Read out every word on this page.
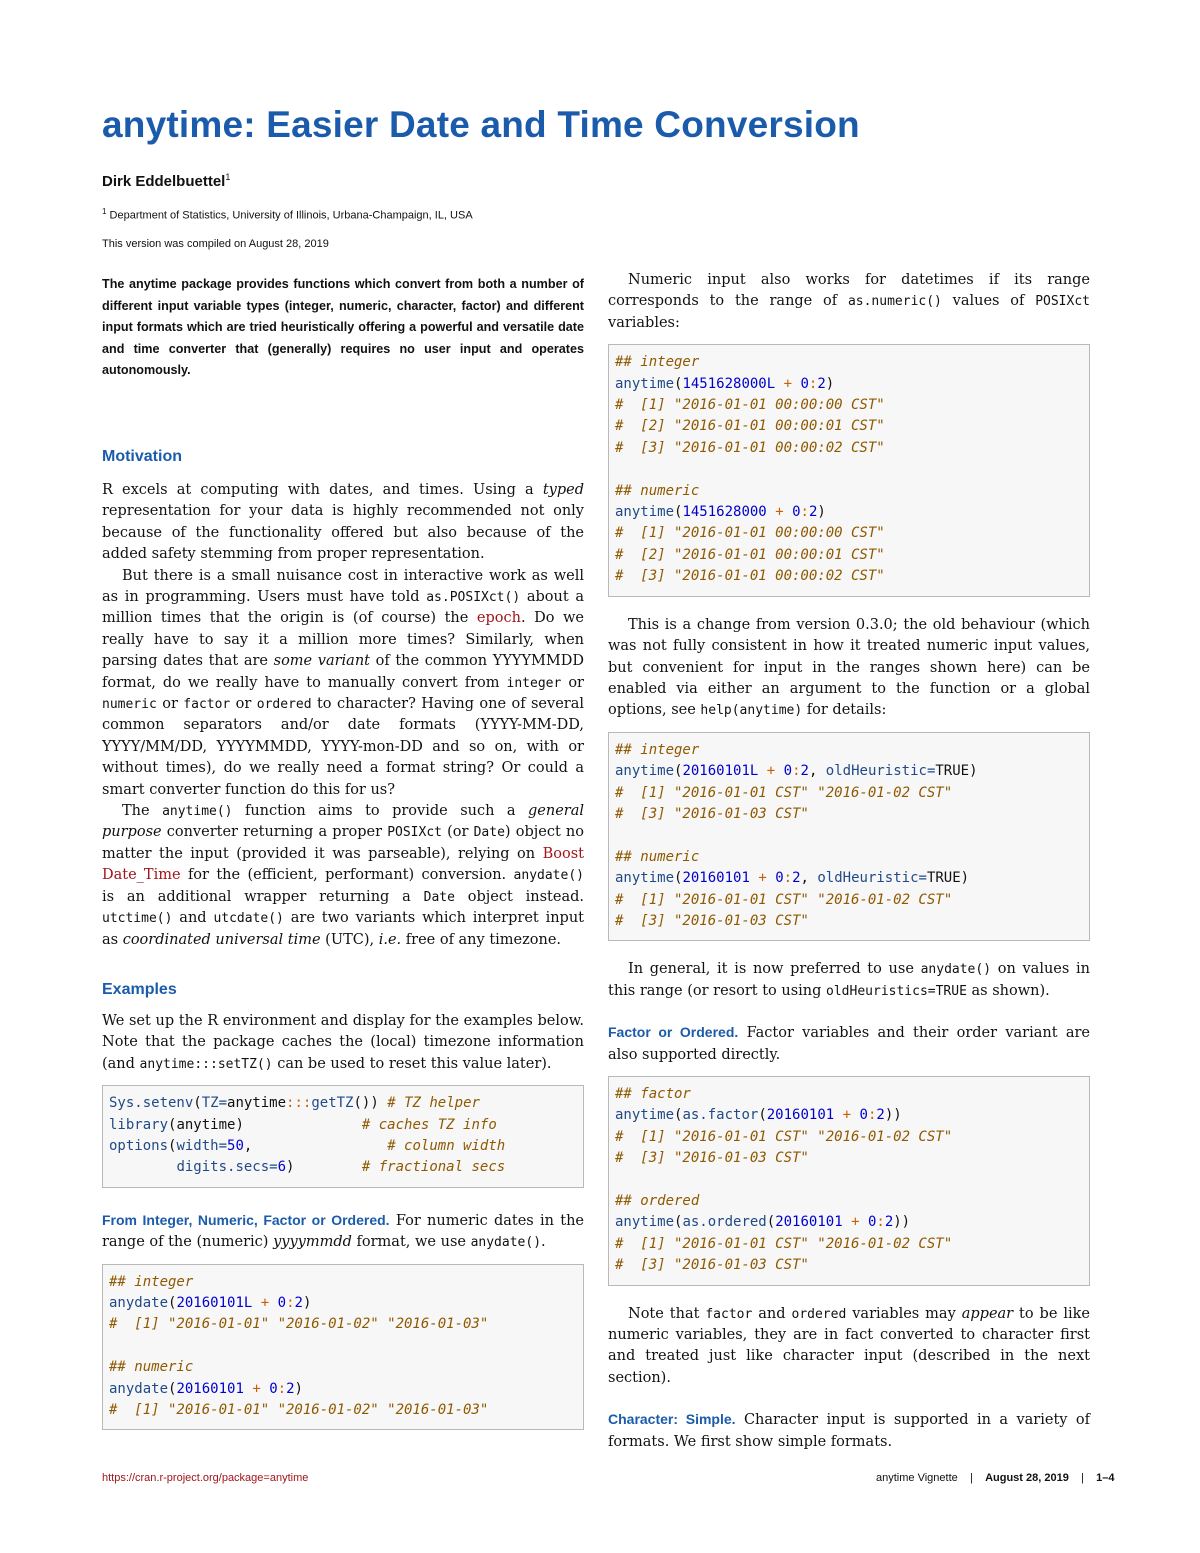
anytime: Easier Date and Time Conversion
Dirk Eddelbuettel$^1$
$^1$ Department of Statistics, University of Illinois, Urbana-Champaign, IL, USA
This version was compiled on August 28, 2019

The anytime package provides functions which convert from both a number of different input variable types (integer, numeric, character, factor) and different input formats which are tried heuristically offering a powerful and versatile date and time converter that (generally) requires no user input and operates autonomously.

Motivation

R excels at computing with dates, and times. Using a typed representation for your data is highly recommended not only because of the functionality offered but also because of the added safety stemming from proper representation.

But there is a small nuisance cost in interactive work as well as in programming. Users must have told as.POSIXct() about a million times that the origin is (of course) the epoch. Do we really have to say it a million more times? Similarly, when parsing dates that are some variant of the common YYYYMMDD format, do we really have to manually convert from integer or numeric or factor or ordered to character? Having one of several common separators and/or date formats (YYYY-MM-DD, YYYY/MM/DD, YYYYMMDD, YYYY-mon-DD and so on, with or without times), do we really need a format string? Or could a smart converter function do this for us?

The anytime() function aims to provide such a general purpose converter returning a proper POSIXct (or Date) object no matter the input (provided it was parseable), relying on Boost Date_Time for the (efficient, performant) conversion. anydate() is an additional wrapper returning a Date object instead. utctime() and utcdate() are two variants which interpret input as coordinated universal time (UTC), i.e. free of any timezone.

Examples

We set up the R environment and display for the examples below. Note that the package caches the (local) timezone information (and anytime:::setTZ() can be used to reset this value later).

Sys.setenv(TZ=anytime:::getTZ()) # TZ helper
library(anytime)              # caches TZ info
options(width=50,                # column width
digits.secs=6)        # fractional secs

From Integer, Numeric, Factor or Ordered. For numeric dates in the range of the (numeric) yyyymmdd format, we use anydate().

## integer
anydate(20160101L + 0:2)
#  [1] "2016-01-01" "2016-01-02" "2016-01-03"

## numeric
anydate(20160101 + 0:2)
#  [1] "2016-01-01" "2016-01-02" "2016-01-03"

Numeric input also works for datetimes if its range corresponds to the range of as.numeric() values of POSIXct variables:

## integer
anytime(1451628000L + 0:2)
#  [1] "2016-01-01 00:00:00 CST"
#  [2] "2016-01-01 00:00:01 CST"
#  [3] "2016-01-01 00:00:02 CST"

## numeric
anytime(1451628000 + 0:2)
#  [1] "2016-01-01 00:00:00 CST"
#  [2] "2016-01-01 00:00:01 CST"
#  [3] "2016-01-01 00:00:02 CST"

This is a change from version 0.3.0; the old behaviour (which was not fully consistent in how it treated numeric input values, but convenient for input in the ranges shown here) can be enabled via either an argument to the function or a global options, see help(anytime) for details:

## integer
anytime(20160101L + 0:2, oldHeuristic=TRUE)
#  [1] "2016-01-01 CST" "2016-01-02 CST"
#  [3] "2016-01-03 CST"

## numeric
anytime(20160101 + 0:2, oldHeuristic=TRUE)
#  [1] "2016-01-01 CST" "2016-01-02 CST"
#  [3] "2016-01-03 CST"

In general, it is now preferred to use anydate() on values in this range (or resort to using oldHeuristics=TRUE as shown).

Factor or Ordered. Factor variables and their order variant are also supported directly.

## factor
anytime(as.factor(20160101 + 0:2))
#  [1] "2016-01-01 CST" "2016-01-02 CST"
#  [3] "2016-01-03 CST"

## ordered
anytime(as.ordered(20160101 + 0:2))
#  [1] "2016-01-01 CST" "2016-01-02 CST"
#  [3] "2016-01-03 CST"

Note that factor and ordered variables may appear to be like numeric variables, they are in fact converted to character first and treated just like character input (described in the next section).

Character: Simple. Character input is supported in a variety of formats. We first show simple formats.

https://cran.r-project.org/package=anytime	anytime Vignette | August 28, 2019 | 1–4
